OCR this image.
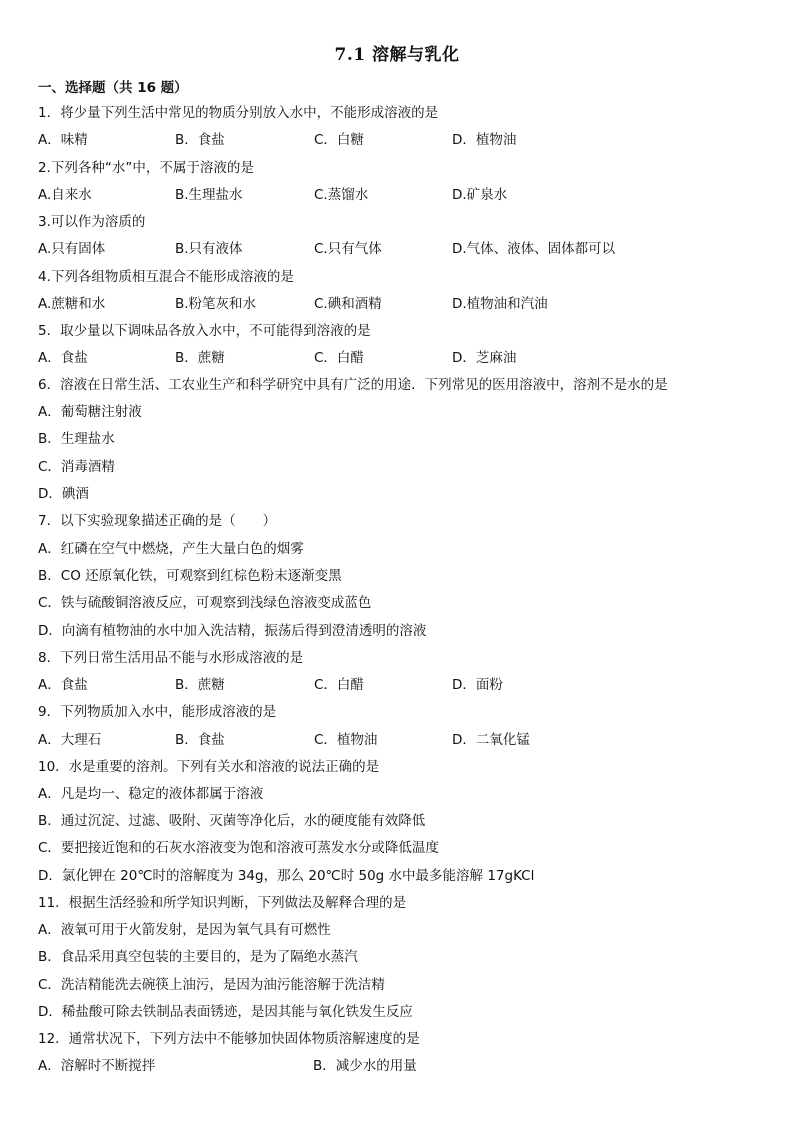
7.1 溶解与乳化
一、选择题（共 16 题）
1．将少量下列生活中常见的物质分别放入水中，不能形成溶液的是
A．味精	B．食盐	C．白糖	D．植物油
2.下列各种“水”中，不属于溶液的是
A.自来水	B.生理盐水	C.蒸馏水	D.矿泉水
3.可以作为溶质的
A.只有固体	B.只有液体	C.只有气体	D.气体、液体、固体都可以
4.下列各组物质相互混合不能形成溶液的是
A.蔗糖和水	B.粉笔灰和水	C.碘和酒精	D.植物油和汽油
5．取少量以下调味品各放入水中，不可能得到溶液的是
A．食盐	B．蔗糖	C．白醋	D．芝麻油
6．溶液在日常生活、工农业生产和科学研究中具有广泛的用途．下列常见的医用溶液中，溶剂不是水的是
A．葡萄糖注射液
B．生理盐水
C．消毒酒精
D．碘酒
7．以下实验现象描述正确的是（　　）
A．红磷在空气中燃烧，产生大量白色的烟雾
B．CO 还原氧化铁，可观察到红棕色粉末逐渐变黑
C．铁与硫酸铜溶液反应，可观察到浅绿色溶液变成蓝色
D．向滴有植物油的水中加入洗洁精，振荡后得到澄清透明的溶液
8．下列日常生活用品不能与水形成溶液的是
A．食盐	B．蔗糖	C．白醋	D．面粉
9．下列物质加入水中，能形成溶液的是
A．大理石	B．食盐	C．植物油	D．二氧化锰
10．水是重要的溶剂。下列有关水和溶液的说法正确的是
A．凡是均一、稳定的液体都属于溶液
B．通过沉淀、过滤、吸附、灭菌等净化后，水的硬度能有效降低
C．要把接近饱和的石灰水溶液变为饱和溶液可蒸发水分或降低温度
D．氯化钾在 20℃时的溶解度为 34g，那么 20℃时 50g 水中最多能溶解 17gKCl
11．根据生活经验和所学知识判断，下列做法及解释合理的是
A．液氧可用于火箭发射，是因为氧气具有可燃性
B．食品采用真空包装的主要目的，是为了隔绝水蒸汽
C．洗洁精能洗去碗筷上油污，是因为油污能溶解于洗洁精
D．稀盐酸可除去铁制品表面锈迹，是因其能与氧化铁发生反应
12．通常状况下，下列方法中不能够加快固体物质溶解速度的是
A．溶解时不断搅拌	B．减少水的用量
